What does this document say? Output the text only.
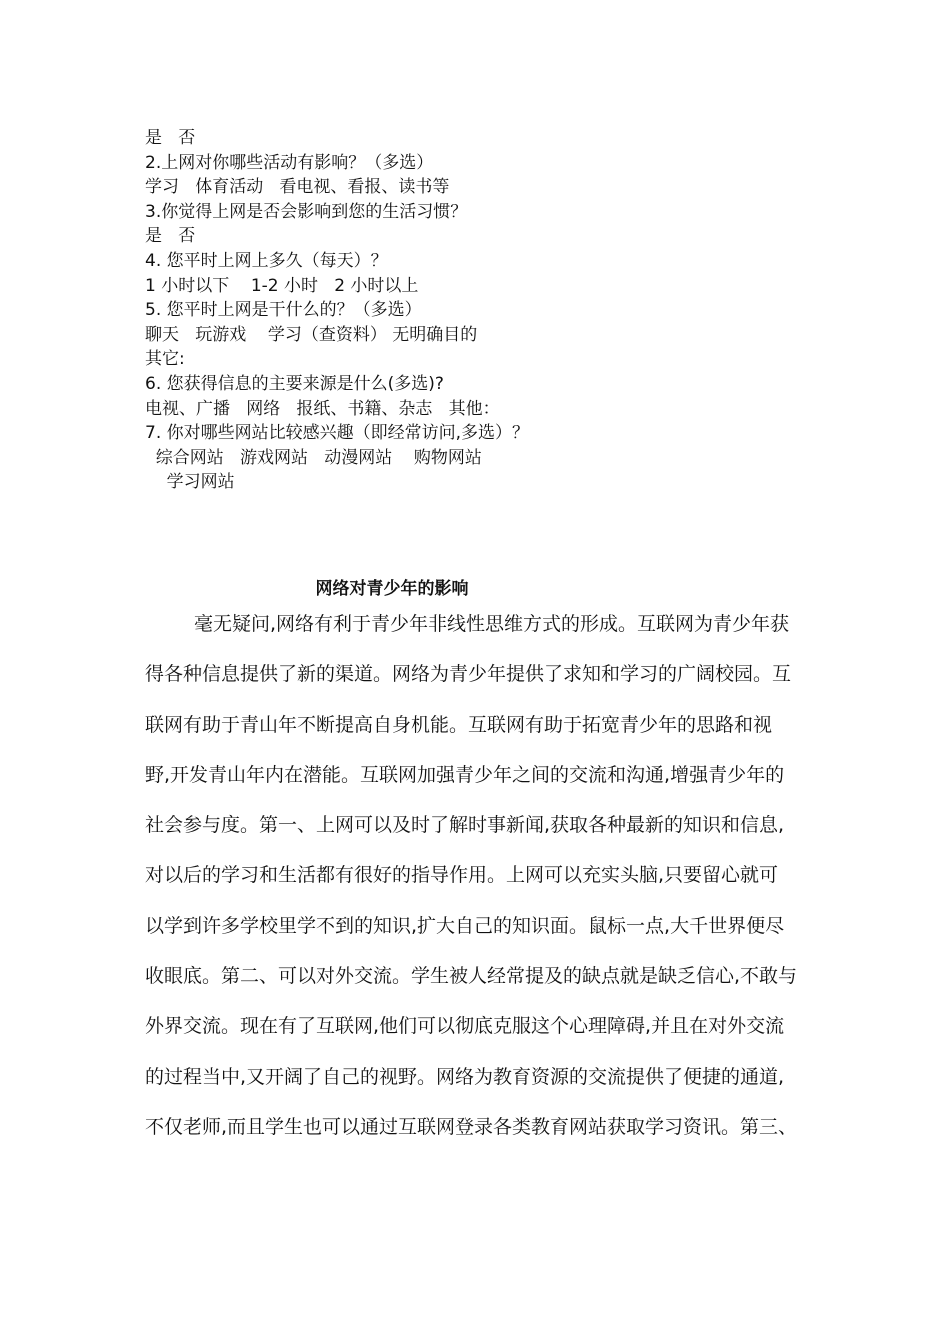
是   否
2.上网对你哪些活动有影响？（多选）
学习   体育活动   看电视、看报、读书等
3.你觉得上网是否会影响到您的生活习惯？
是   否
4. 您平时上网上多久（每天）？
1 小时以下    1-2 小时   2 小时以上
5. 您平时上网是干什么的？（多选）
聊天   玩游戏    学习（查资料） 无明确目的
其它:
6. 您获得信息的主要来源是什么(多选)?
电视、广播   网络   报纸、书籍、杂志   其他：
7. 你对哪些网站比较感兴趣（即经常访问,多选）？
综合网站   游戏网站   动漫网站    购物网站
学习网站
网络对青少年的影响
毫无疑问,网络有利于青少年非线性思维方式的形成。互联网为青少年获
得各种信息提供了新的渠道。网络为青少年提供了求知和学习的广阔校园。互
联网有助于青山年不断提高自身机能。互联网有助于拓宽青少年的思路和视
野,开发青山年内在潜能。互联网加强青少年之间的交流和沟通,增强青少年的
社会参与度。第一、上网可以及时了解时事新闻,获取各种最新的知识和信息,
对以后的学习和生活都有很好的指导作用。上网可以充实头脑,只要留心就可
以学到许多学校里学不到的知识,扩大自己的知识面。鼠标一点,大千世界便尽
收眼底。第二、可以对外交流。学生被人经常提及的缺点就是缺乏信心,不敢与
外界交流。现在有了互联网,他们可以彻底克服这个心理障碍,并且在对外交流
的过程当中,又开阔了自己的视野。网络为教育资源的交流提供了便捷的通道,
不仅老师,而且学生也可以通过互联网登录各类教育网站获取学习资讯。第三、
